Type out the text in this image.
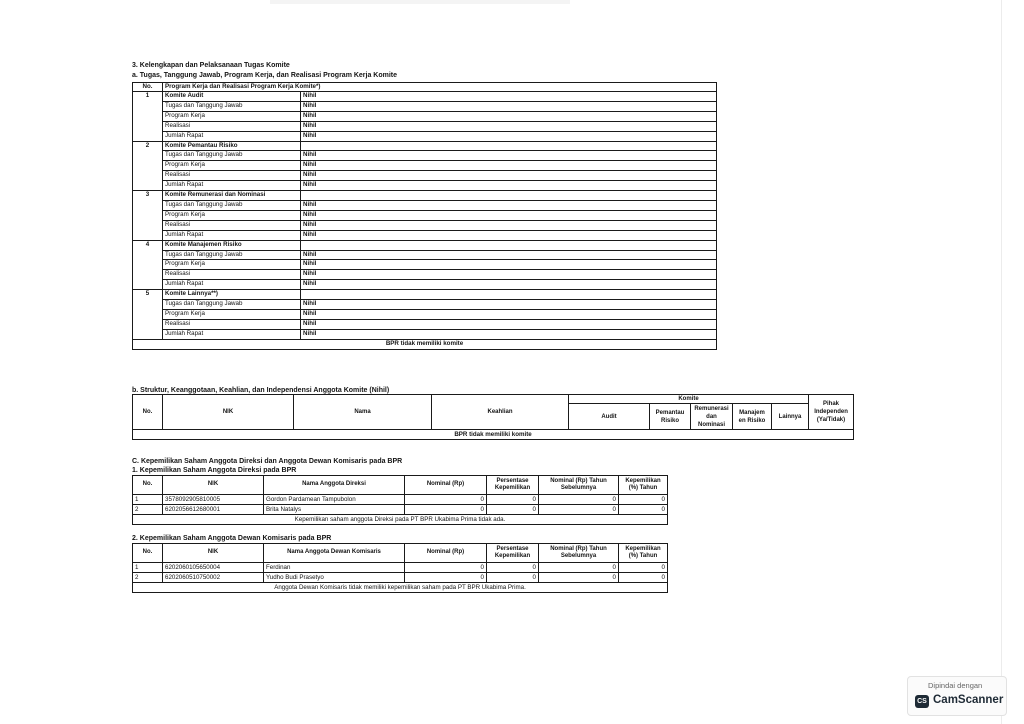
3. Kelengkapan dan Pelaksanaan Tugas Komite
a. Tugas, Tanggung Jawab, Program Kerja, dan Realisasi Program Kerja Komite
No.	Program Kerja dan Realisasi Program Kerja Komite*)	
1	Komite Audit	Nihil
	Tugas dan Tanggung Jawab	Nihil
	Program Kerja	Nihil
	Realisasi	Nihil
	Jumlah Rapat	Nihil
2	Komite Pemantau Risiko	
	Tugas dan Tanggung Jawab	Nihil
	Program Kerja	Nihil
	Realisasi	Nihil
	Jumlah Rapat	Nihil
3	Komite Remunerasi dan Nominasi	
	Tugas dan Tanggung Jawab	Nihil
	Program Kerja	Nihil
	Realisasi	Nihil
	Jumlah Rapat	Nihil
4	Komite Manajemen Risiko	
	Tugas dan Tanggung Jawab	Nihil
	Program Kerja	Nihil
	Realisasi	Nihil
	Jumlah Rapat	Nihil
5	Komite Lainnya**)	
	Tugas dan Tanggung Jawab	Nihil
	Program Kerja	Nihil
	Realisasi	Nihil
	Jumlah Rapat	Nihil
BPR tidak memiliki komite		
b. Struktur, Keanggotaan, Keahlian, dan Independensi Anggota Komite (Nihil)
No.	NIK	Nama	Keahlian	Komite					Pihak Independen (Ya/Tidak)
				Audit	Pemantau Risiko	Remunerasi dan Nominasi	Manajem en Risiko	Lainnya	
BPR tidak memiliki komite									
C. Kepemilikan Saham Anggota Direksi dan Anggota Dewan Komisaris pada BPR
1. Kepemilikan Saham Anggota Direksi pada BPR
No.	NIK	Nama Anggota Direksi	Nominal (Rp)	Persentase Kepemilikan	Nominal (Rp) Tahun Sebelumnya	Kepemilikan (%) Tahun
1	3578092905810005	Gordon Pardamean Tampubolon	0	0	0	0
2	6202056612680001	Brita Natalys	0	0	0	0
Kepemilikan saham anggota Direksi pada PT BPR Ukabima Prima tidak ada.						
2. Kepemilikan Saham Anggota Dewan Komisaris pada BPR
No.	NIK	Nama Anggota Dewan Komisaris	Nominal (Rp)	Persentase Kepemilikan	Nominal (Rp) Tahun Sebelumnya	Kepemilikan (%) Tahun
1	6202060105650004	Ferdinan	0	0	0	0
2	6202060510750002	Yudho Budi Prasetyo	0	0	0	0
Anggota Dewan Komisaris tidak memiliki kepemilikan saham pada PT BPR Ukabima Prima.						
Dipindai dengan
CS CamScanner
